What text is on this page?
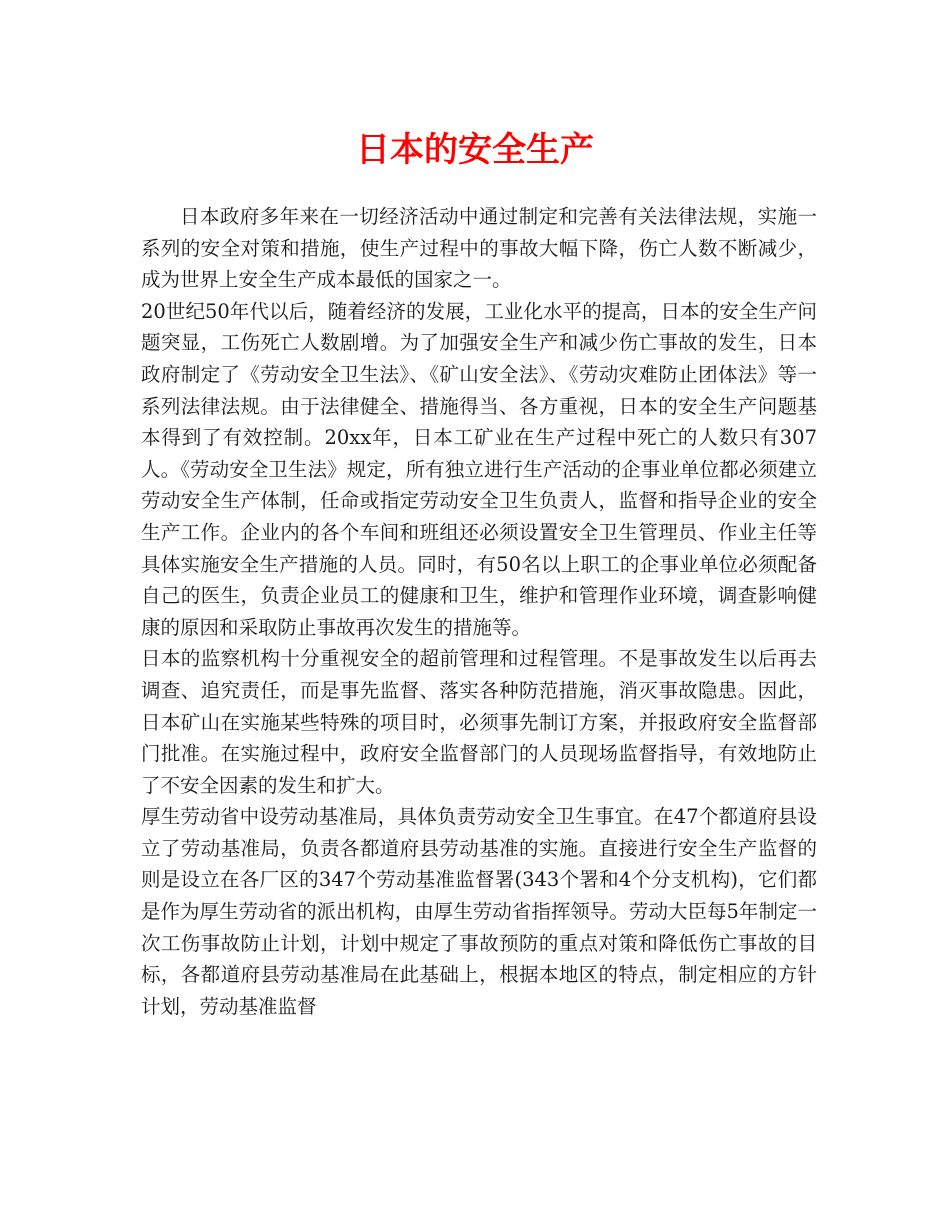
日本的安全生产

日本政府多年来在一切经济活动中通过制定和完善有关法律法规，实施一系列的安全对策和措施，使生产过程中的事故大幅下降，伤亡人数不断减少，成为世界上安全生产成本最低的国家之一。

20世纪50年代以后，随着经济的发展，工业化水平的提高，日本的安全生产问题突显，工伤死亡人数剧增。为了加强安全生产和减少伤亡事故的发生，日本政府制定了《劳动安全卫生法》、《矿山安全法》、《劳动灾难防止团体法》等一系列法律法规。由于法律健全、措施得当、各方重视，日本的安全生产问题基本得到了有效控制。20xx年，日本工矿业在生产过程中死亡的人数只有307人。《劳动安全卫生法》规定，所有独立进行生产活动的企事业单位都必须建立劳动安全生产体制，任命或指定劳动安全卫生负责人，监督和指导企业的安全生产工作。企业内的各个车间和班组还必须设置安全卫生管理员、作业主任等具体实施安全生产措施的人员。同时，有50名以上职工的企事业单位必须配备自己的医生，负责企业员工的健康和卫生，维护和管理作业环境，调查影响健康的原因和采取防止事故再次发生的措施等。

日本的监察机构十分重视安全的超前管理和过程管理。不是事故发生以后再去调查、追究责任，而是事先监督、落实各种防范措施，消灭事故隐患。因此，日本矿山在实施某些特殊的项目时，必须事先制订方案，并报政府安全监督部门批准。在实施过程中，政府安全监督部门的人员现场监督指导，有效地防止了不安全因素的发生和扩大。

厚生劳动省中设劳动基准局，具体负责劳动安全卫生事宜。在47个都道府县设立了劳动基准局，负责各都道府县劳动基准的实施。直接进行安全生产监督的则是设立在各厂区的347个劳动基准监督署(343个署和4个分支机构)，它们都是作为厚生劳动省的派出机构，由厚生劳动省指挥领导。劳动大臣每5年制定一次工伤事故防止计划，计划中规定了事故预防的重点对策和降低伤亡事故的目标，各都道府县劳动基准局在此基础上，根据本地区的特点，制定相应的方针计划，劳动基准监督
